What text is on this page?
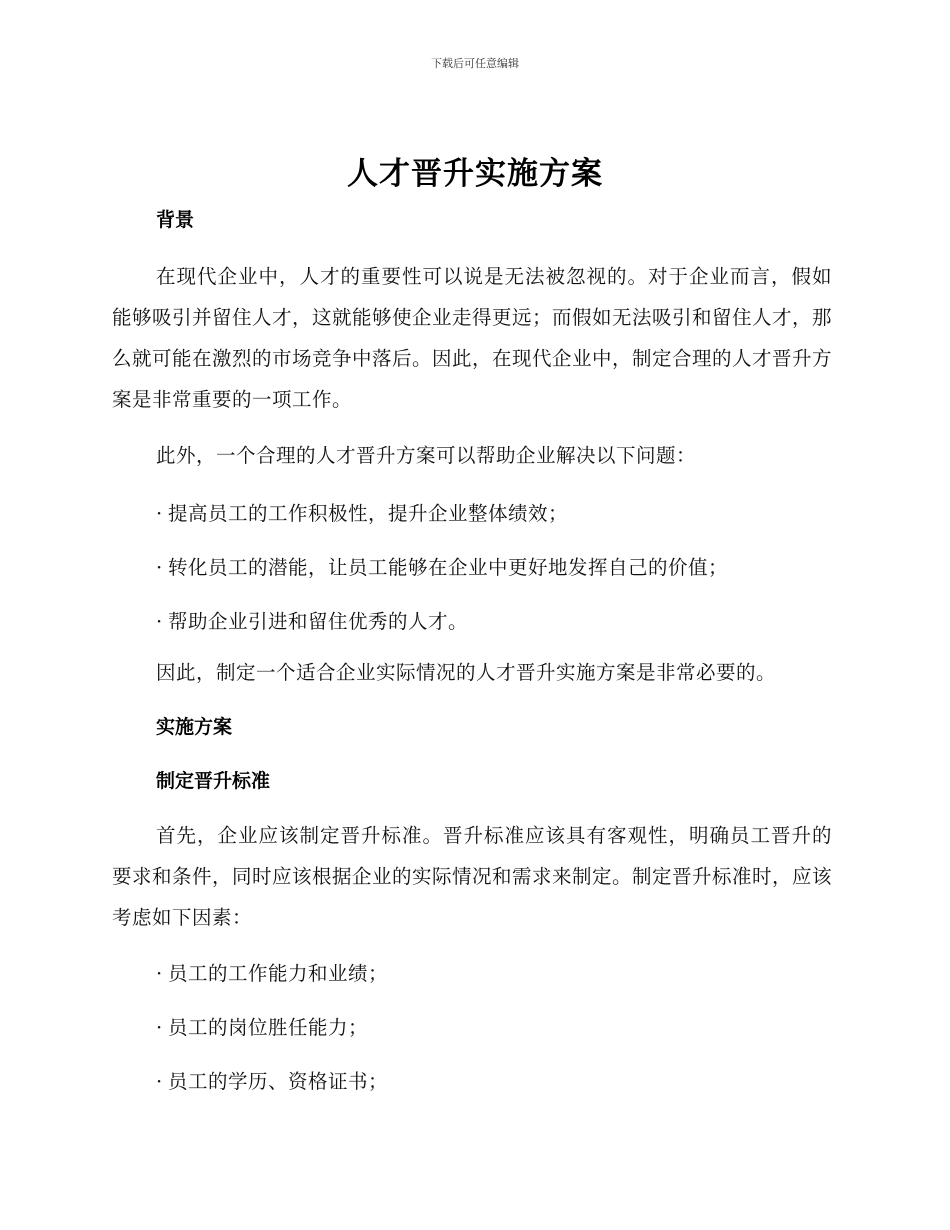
下载后可任意编辑
人才晋升实施方案
背景

在现代企业中，人才的重要性可以说是无法被忽视的。对于企业而言，假如能够吸引并留住人才，这就能够使企业走得更远；而假如无法吸引和留住人才，那么就可能在激烈的市场竞争中落后。因此，在现代企业中，制定合理的人才晋升方案是非常重要的一项工作。

此外，一个合理的人才晋升方案可以帮助企业解决以下问题：

· 提高员工的工作积极性，提升企业整体绩效；

· 转化员工的潜能，让员工能够在企业中更好地发挥自己的价值；

· 帮助企业引进和留住优秀的人才。

因此，制定一个适合企业实际情况的人才晋升实施方案是非常必要的。

实施方案
制定晋升标准

首先，企业应该制定晋升标准。晋升标准应该具有客观性，明确员工晋升的要求和条件，同时应该根据企业的实际情况和需求来制定。制定晋升标准时，应该考虑如下因素：

· 员工的工作能力和业绩；

· 员工的岗位胜任能力；

· 员工的学历、资格证书；
